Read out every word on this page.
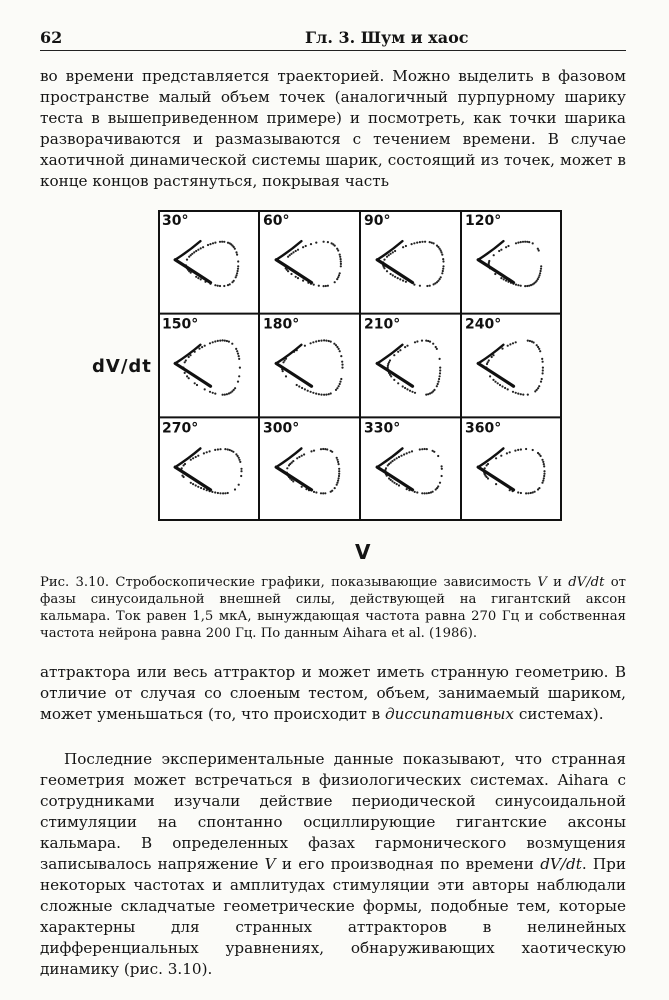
62	Гл. 3. Шум и хаос

во времени представляется траекторией. Можно выделить в фазовом пространстве малый объем точек (аналогичный пурпурному шарику теста в вышеприведенном примере) и посмотреть, как точки шарика разворачиваются и размазываются с течением времени. В случае хаотичной динамической системы шарик, состоящий из точек, может в конце концов растянуться, покрывая часть

dV/dt
30°	60°	90°	120°
150°	180°	210°	240°
270°	300°	330°	360°
V

Рис. 3.10. Стробоскопические графики, показывающие зависимость V и dV/dt от фазы синусоидальной внешней силы, действующей на гигантский аксон кальмара. Ток равен 1,5 мкА, вынуждающая частота равна 270 Гц и собственная частота нейрона равна 200 Гц. По данным Aihara et al. (1986).

аттрактора или весь аттрактор и может иметь странную геометрию. В отличие от случая со слоеным тестом, объем, занимаемый шариком, может уменьшаться (то, что происходит в диссипативных системах).

Последние экспериментальные данные показывают, что странная геометрия может встречаться в физиологических системах. Aihara с сотрудниками изучали действие периодической синусоидальной стимуляции на спонтанно осциллирующие гигантские аксоны кальмара. В определенных фазах гармонического возмущения записывалось напряжение V и его производная по времени dV/dt. При некоторых частотах и амплитудах стимуляции эти авторы наблюдали сложные складчатые геометрические формы, подобные тем, которые характерны для странных аттракторов в нелинейных дифференциальных уравнениях, обнаруживающих хаотическую динамику (рис. 3.10).
